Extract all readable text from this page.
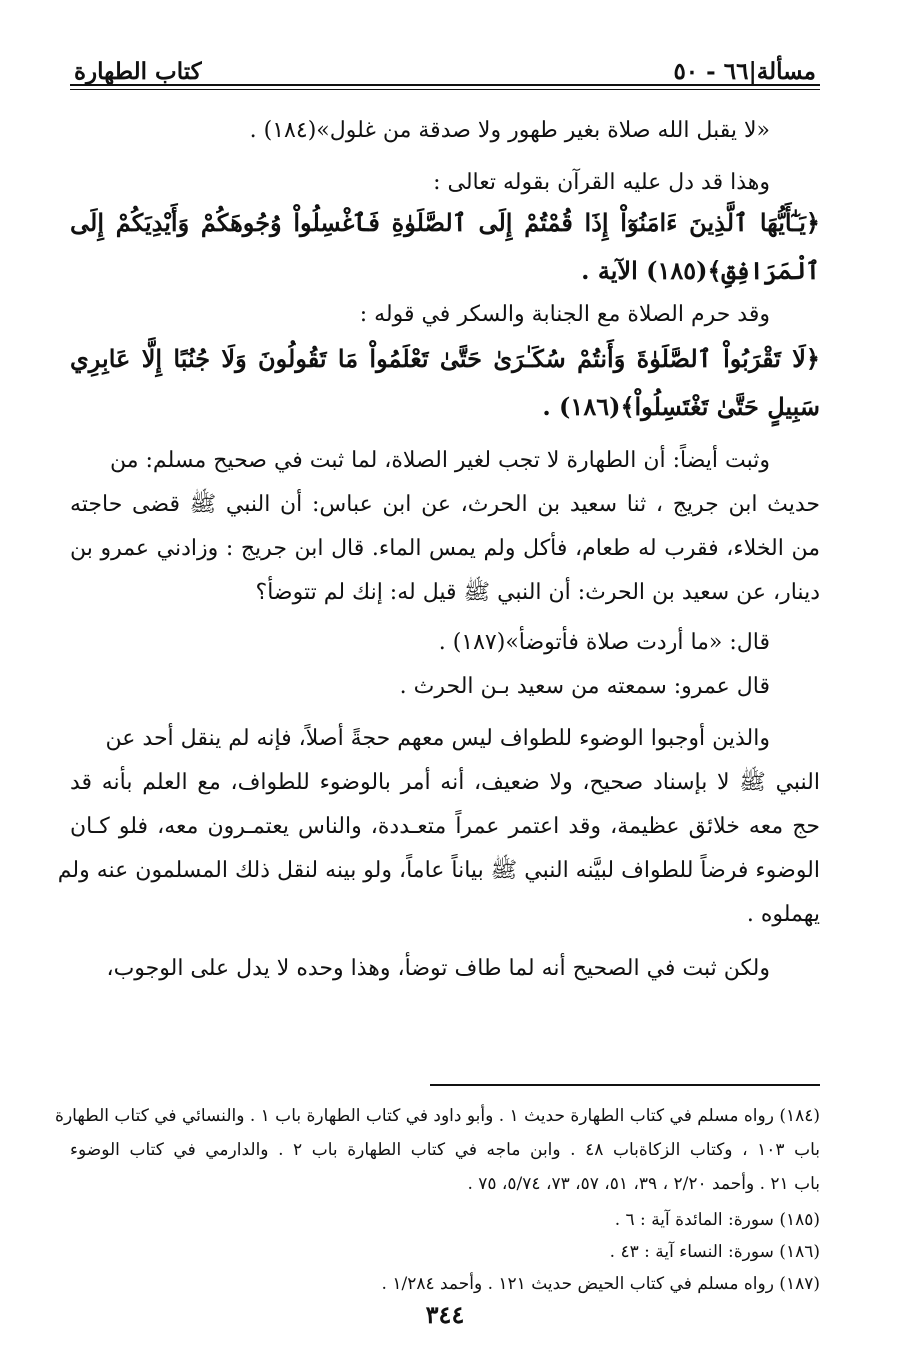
مسألة|٦٦ - ٥٠
كتاب الطهارة
«لا يقبل الله صلاة بغير طهور ولا صدقة من غلول»(١٨٤) .
وهذا قد دل عليه القرآن بقوله تعالى :
﴿يَـٰٓأَيُّهَا ٱلَّذِينَ ءَامَنُوٓاْ إِذَا قُمْتُمْ إِلَى ٱلصَّلَوٰةِ فَٱغْسِلُواْ وُجُوهَكُمْ وَأَيْدِيَكُمْ إِلَى
ٱلْمَرَافِقِ﴾(١٨٥) الآية .
وقد حرم الصلاة مع الجنابة والسكر في قوله :
﴿لَا تَقْرَبُواْ ٱلصَّلَوٰةَ وَأَنتُمْ سُكَـٰرَىٰ حَتَّىٰ تَعْلَمُواْ مَا تَقُولُونَ وَلَا جُنُبًا إِلَّا عَابِرِي
سَبِيلٍ حَتَّىٰ تَغْتَسِلُواْ﴾(١٨٦) .
وثبت أيضاً: أن الطهارة لا تجب لغير الصلاة، لما ثبت في صحيح مسلم: من
حديث ابن جريج ، ثنا سعيد بن الحرث، عن ابن عباس: أن النبي ﷺ قضى حاجته
من الخلاء، فقرب له طعام، فأكل ولم يمس الماء. قال ابن جريج : وزادني عمرو بن
دينار، عن سعيد بن الحرث: أن النبي ﷺ قيل له: إنك لم تتوضأ؟
قال: «ما أردت صلاة فأتوضأ»(١٨٧) .
قال عمرو: سمعته من سعيد بـن الحرث .
والذين أوجبوا الوضوء للطواف ليس معهم حجةً أصلاً، فإنه لم ينقل أحد عن
النبي ﷺ لا بإسناد صحيح، ولا ضعيف، أنه أمر بالوضوء للطواف، مع العلم بأنه قد
حج معه خلائق عظيمة، وقد اعتمر عمراً متعـددة، والناس يعتمـرون معه، فلو كـان
الوضوء فرضاً للطواف لبيَّنه النبي ﷺ بياناً عاماً، ولو بينه لنقل ذلك المسلمون عنه ولم
يهملوه .
ولكن ثبت في الصحيح أنه لما طاف توضأ، وهذا وحده لا يدل على الوجوب،
(١٨٤) رواه مسلم في كتاب الطهارة حديث ١ . وأبو داود في كتاب الطهارة باب ١ . والنسائي في كتاب الطهارة
باب ١٠٣ ، وكتاب الزكاةباب ٤٨ . وابن ماجه في كتاب الطهارة باب ٢ . والدارمي في كتاب الوضوء
باب ٢١ . وأحمد ٢/٢٠ ، ٣٩، ٥١، ٥٧، ٧٣، ٥/٧٤، ٧٥ .
(١٨٥) سورة: المائدة آية : ٦ .
(١٨٦) سورة: النساء آية : ٤٣ .
(١٨٧) رواه مسلم في كتاب الحيض حديث ١٢١ . وأحمد ١/٢٨٤ .
٣٤٤
